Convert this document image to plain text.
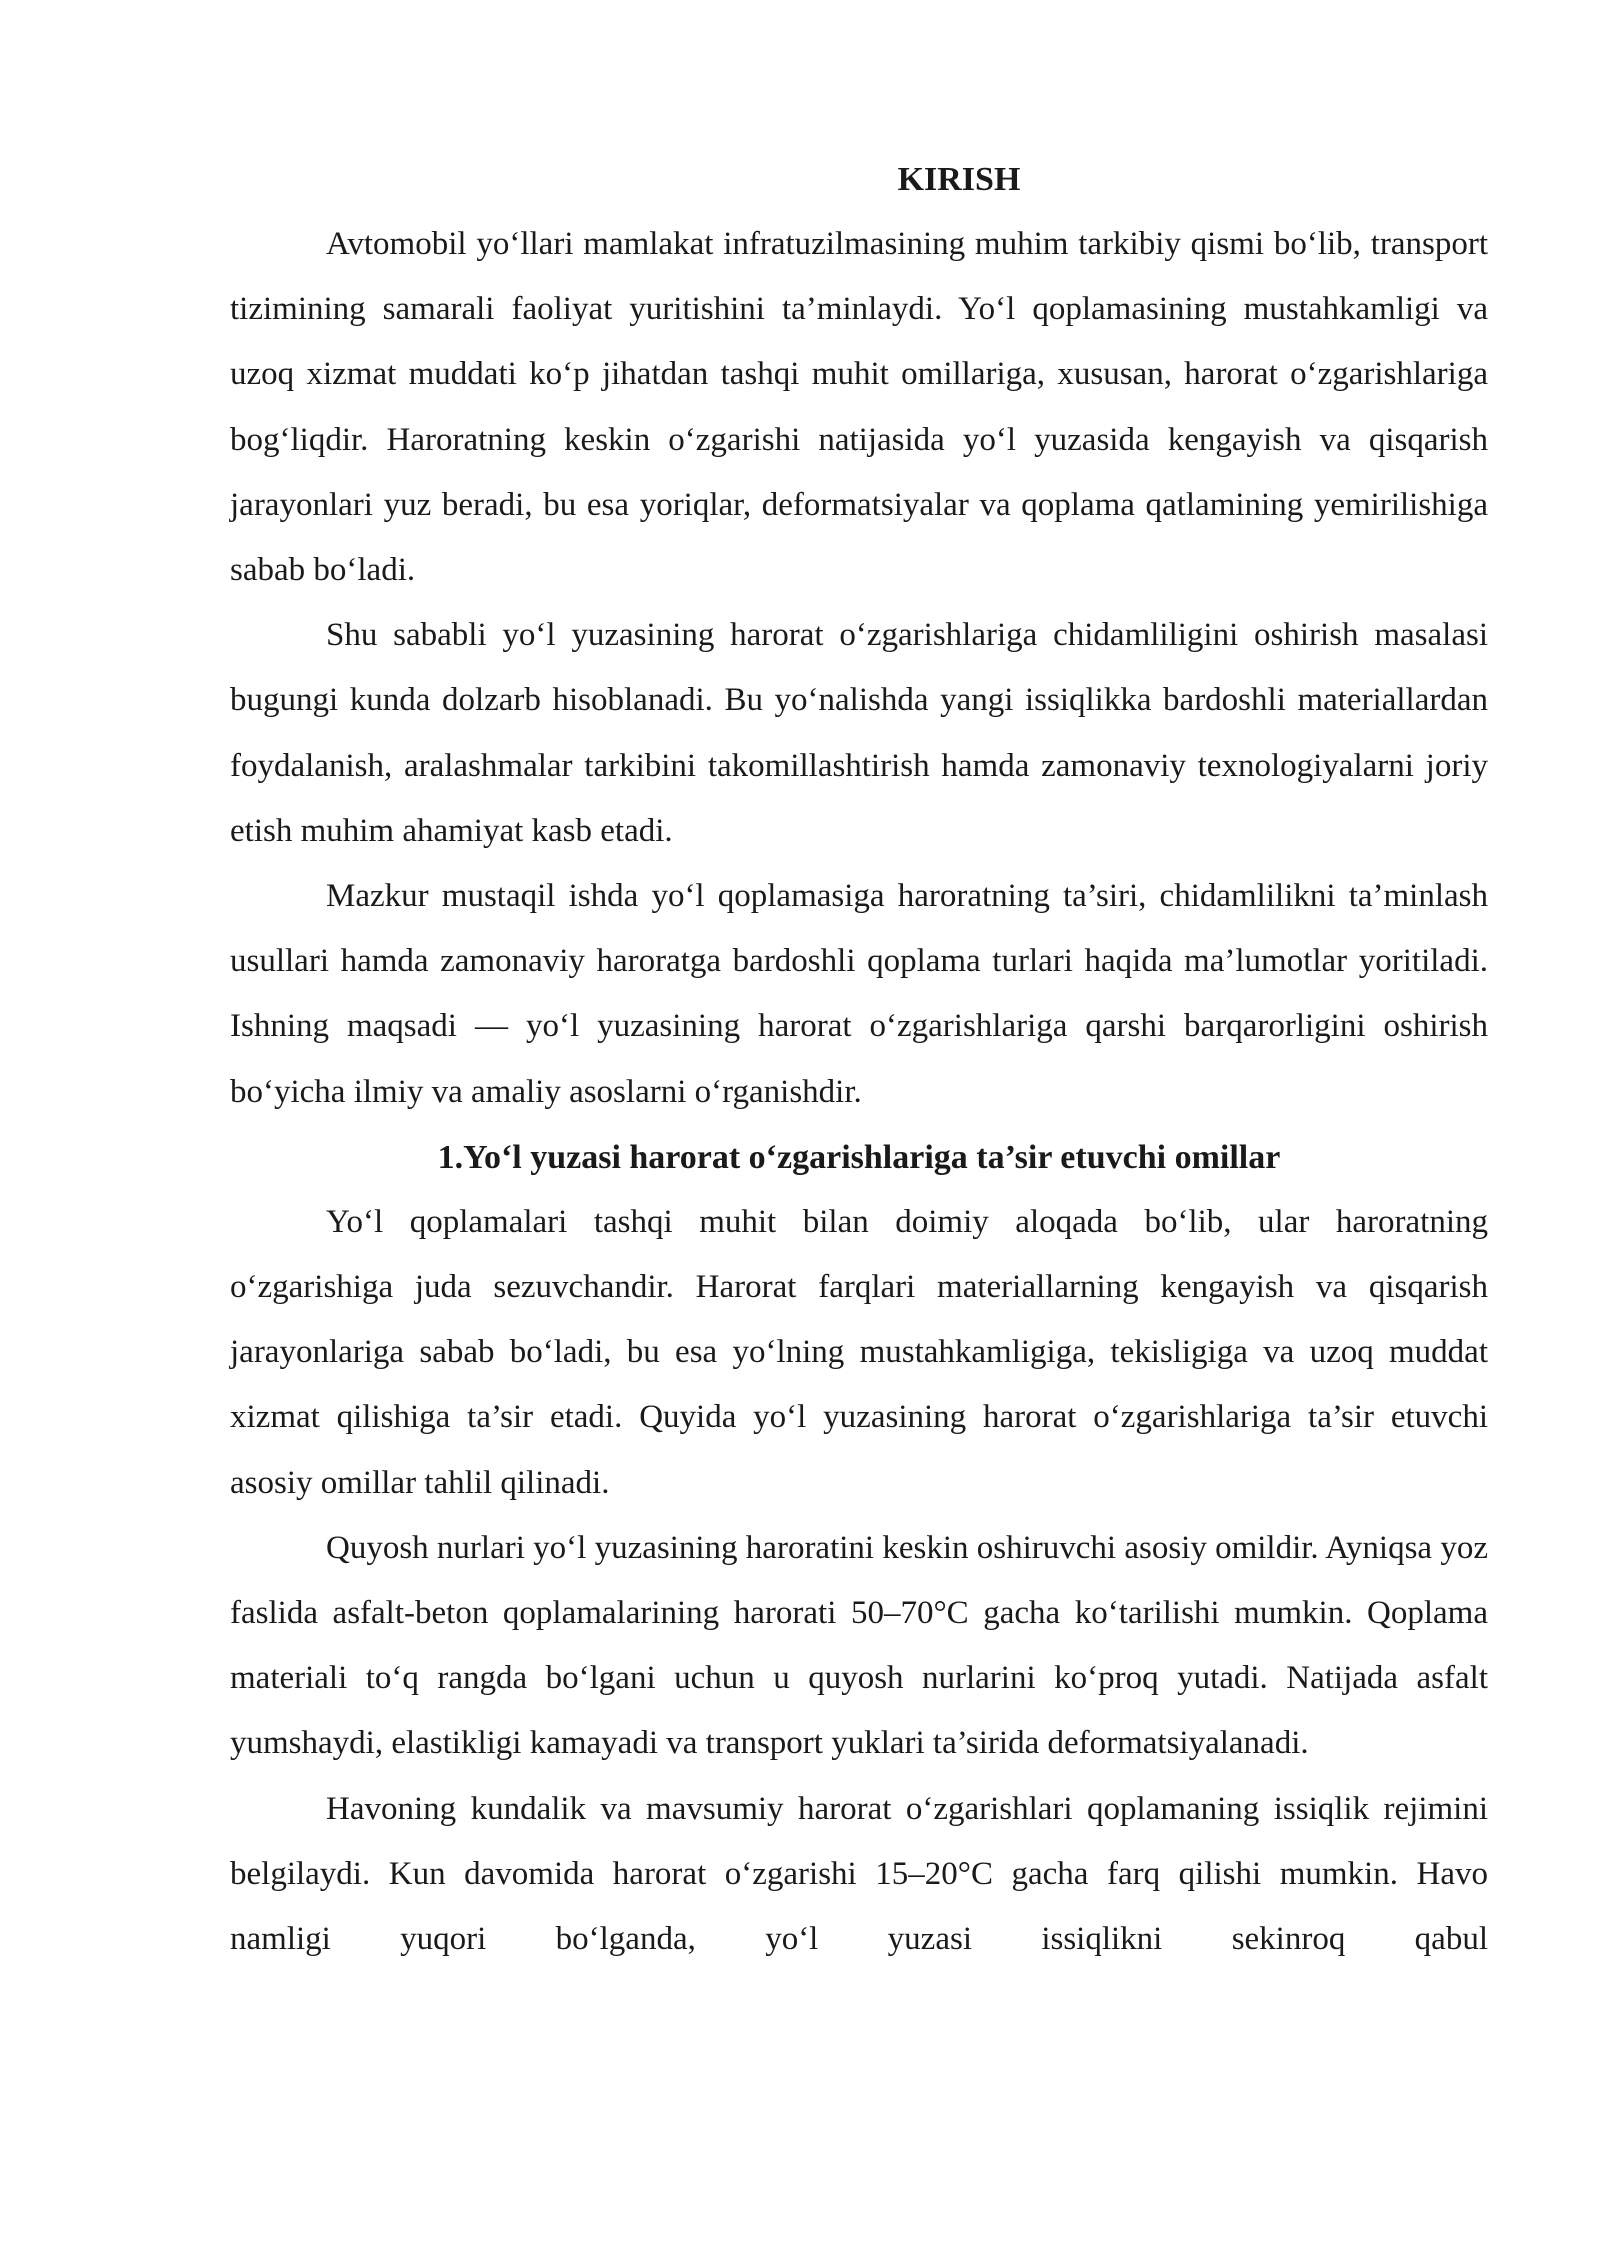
KIRISH

Avtomobil yo‘llari mamlakat infratuzilmasining muhim tarkibiy qismi bo‘lib, transport tizimining samarali faoliyat yuritishini ta’minlaydi. Yo‘l qoplamasining mustahkamligi va uzoq xizmat muddati ko‘p jihatdan tashqi muhit omillariga, xususan, harorat o‘zgarishlariga bog‘liqdir. Haroratning keskin o‘zgarishi natijasida yo‘l yuzasida kengayish va qisqarish jarayonlari yuz beradi, bu esa yoriqlar, deformatsiyalar va qoplama qatlamining yemirilishiga sabab bo‘ladi.

Shu sababli yo‘l yuzasining harorat o‘zgarishlariga chidamliligini oshirish masalasi bugungi kunda dolzarb hisoblanadi. Bu yo‘nalishda yangi issiqlikka bardoshli materiallardan foydalanish, aralashmalar tarkibini takomillashtirish hamda zamonaviy texnologiyalarni joriy etish muhim ahamiyat kasb etadi.

Mazkur mustaqil ishda yo‘l qoplamasiga haroratning ta’siri, chidamlilikni ta’minlash usullari hamda zamonaviy haroratga bardoshli qoplama turlari haqida ma’lumotlar yoritiladi. Ishning maqsadi — yo‘l yuzasining harorat o‘zgarishlariga qarshi barqarorligini oshirish bo‘yicha ilmiy va amaliy asoslarni o‘rganishdir.

1.Yo‘l yuzasi harorat o‘zgarishlariga ta’sir etuvchi omillar

Yo‘l qoplamalari tashqi muhit bilan doimiy aloqada bo‘lib, ular haroratning o‘zgarishiga juda sezuvchandir. Harorat farqlari materiallarning kengayish va qisqarish jarayonlariga sabab bo‘ladi, bu esa yo‘lning mustahkamligiga, tekisligiga va uzoq muddat xizmat qilishiga ta’sir etadi. Quyida yo‘l yuzasining harorat o‘zgarishlariga ta’sir etuvchi asosiy omillar tahlil qilinadi.

Quyosh nurlari yo‘l yuzasining haroratini keskin oshiruvchi asosiy omildir. Ayniqsa yoz faslida asfalt-beton qoplamalarining harorati 50–70°C gacha ko‘tarilishi mumkin. Qoplama materiali to‘q rangda bo‘lgani uchun u quyosh nurlarini ko‘proq yutadi. Natijada asfalt yumshaydi, elastikligi kamayadi va transport yuklari ta’sirida deformatsiyalanadi.

Havoning kundalik va mavsumiy harorat o‘zgarishlari qoplamaning issiqlik rejimini belgilaydi. Kun davomida harorat o‘zgarishi 15–20°C gacha farq qilishi mumkin. Havo namligi yuqori bo‘lganda, yo‘l yuzasi issiqlikni sekinroq qabul
